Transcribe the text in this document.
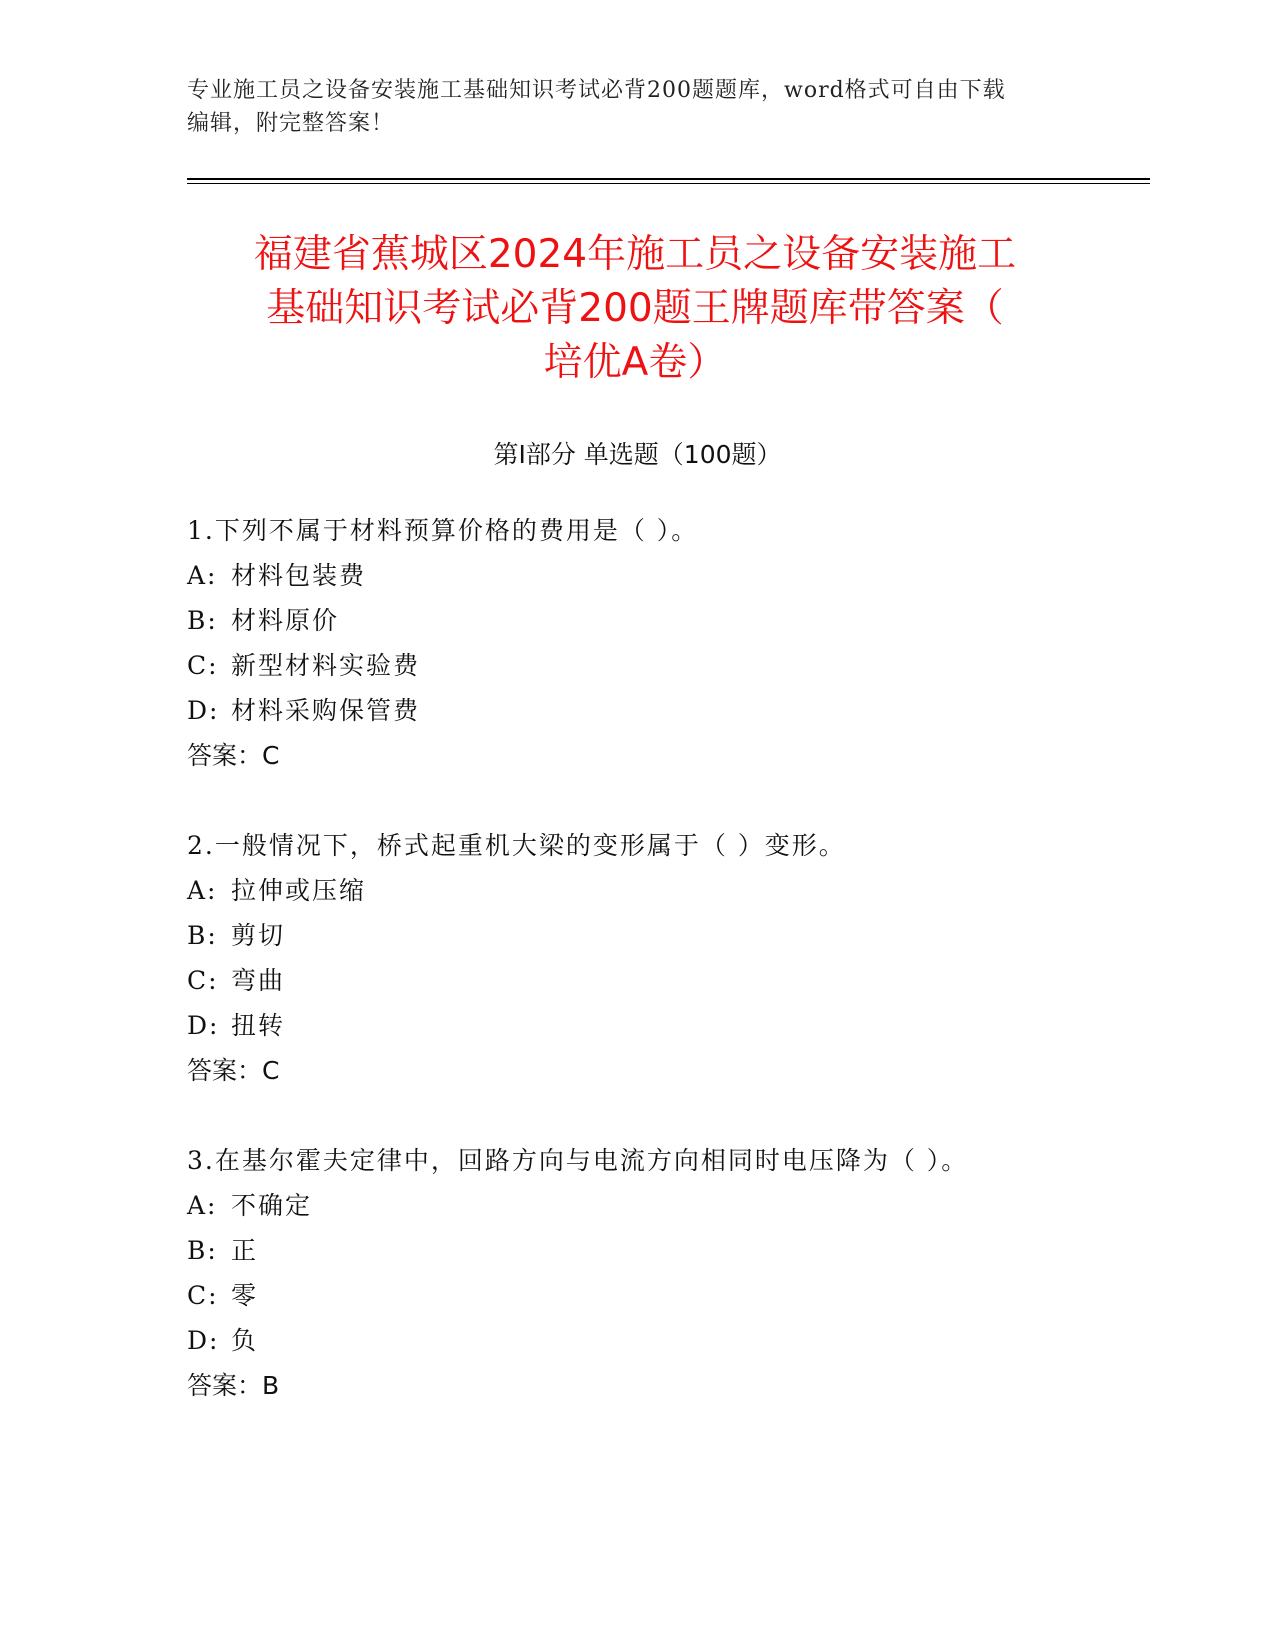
专业施工员之设备安装施工基础知识考试必背200题题库，word格式可自由下载
编辑，附完整答案！
福建省蕉城区2024年施工员之设备安装施工
基础知识考试必背200题王牌题库带答案（
培优A卷）
第Ⅰ部分 单选题（100题）
1.下列不属于材料预算价格的费用是（ ）。
A: 材料包装费
B: 材料原价
C: 新型材料实验费
D: 材料采购保管费
答案：C
2.一般情况下，桥式起重机大梁的变形属于（ ）变形。
A: 拉伸或压缩
B: 剪切
C: 弯曲
D: 扭转
答案：C
3.在基尔霍夫定律中，回路方向与电流方向相同时电压降为（ ）。
A: 不确定
B: 正
C: 零
D: 负
答案：B
